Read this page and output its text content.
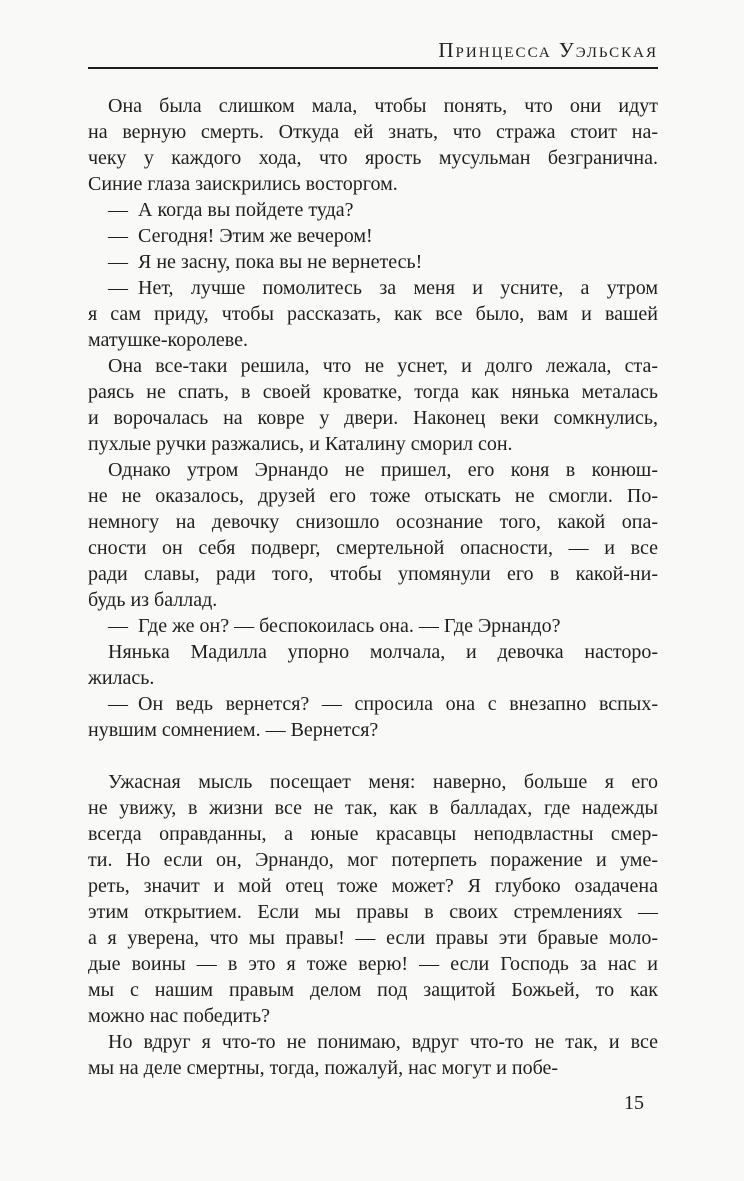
Принцесса Уэльская
Она была слишком мала, чтобы понять, что они идут
на верную смерть. Откуда ей знать, что стража стоит на-
чеку у каждого хода, что ярость мусульман безгранична.
Синие глаза заискрились восторгом.
— А когда вы пойдете туда?
— Сегодня! Этим же вечером!
— Я не засну, пока вы не вернетесь!
— Нет, лучше помолитесь за меня и усните, а утром
я сам приду, чтобы рассказать, как все было, вам и вашей
матушке-королеве.
Она все-таки решила, что не уснет, и долго лежала, ста-
раясь не спать, в своей кроватке, тогда как нянька металась
и ворочалась на ковре у двери. Наконец веки сомкнулись,
пухлые ручки разжались, и Каталину сморил сон.
Однако утром Эрнандо не пришел, его коня в конюш-
не не оказалось, друзей его тоже отыскать не смогли. По-
немногу на девочку снизошло осознание того, какой опа-
сности он себя подверг, смертельной опасности, — и все
ради славы, ради того, чтобы упомянули его в какой-ни-
будь из баллад.
— Где же он? — беспокоилась она. — Где Эрнандо?
Нянька Мадилла упорно молчала, и девочка насторо-
жилась.
— Он ведь вернется? — спросила она с внезапно вспых-
нувшим сомнением. — Вернется?
Ужасная мысль посещает меня: наверно, больше я его
не увижу, в жизни все не так, как в балладах, где надежды
всегда оправданны, а юные красавцы неподвластны смер-
ти. Но если он, Эрнандо, мог потерпеть поражение и уме-
реть, значит и мой отец тоже может? Я глубоко озадачена
этим открытием. Если мы правы в своих стремлениях —
а я уверена, что мы правы! — если правы эти бравые моло-
дые воины — в это я тоже верю! — если Господь за нас и
мы с нашим правым делом под защитой Божьей, то как
можно нас победить?
Но вдруг я что-то не понимаю, вдруг что-то не так, и все
мы на деле смертны, тогда, пожалуй, нас могут и побе-
15
